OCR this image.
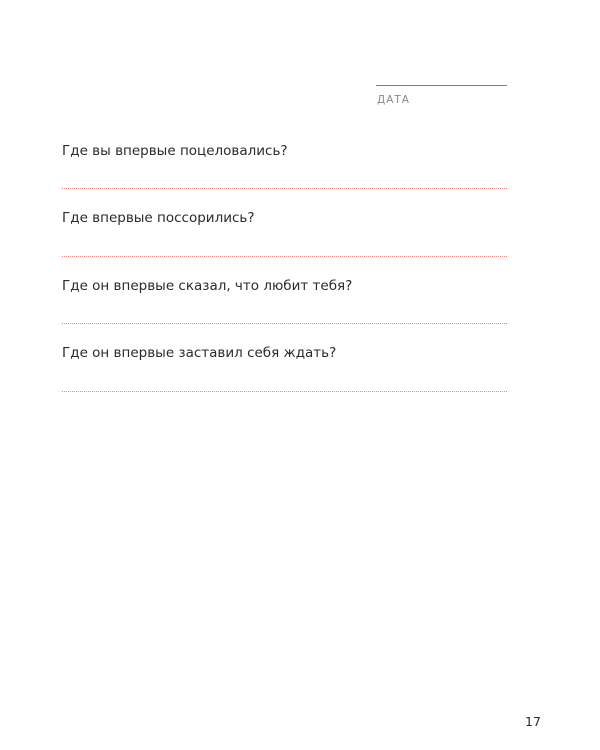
ДАТА
Где вы впервые поцеловались?
Где впервые поссорились?
Где он впервые сказал, что любит тебя?
Где он впервые заставил себя ждать?
17
